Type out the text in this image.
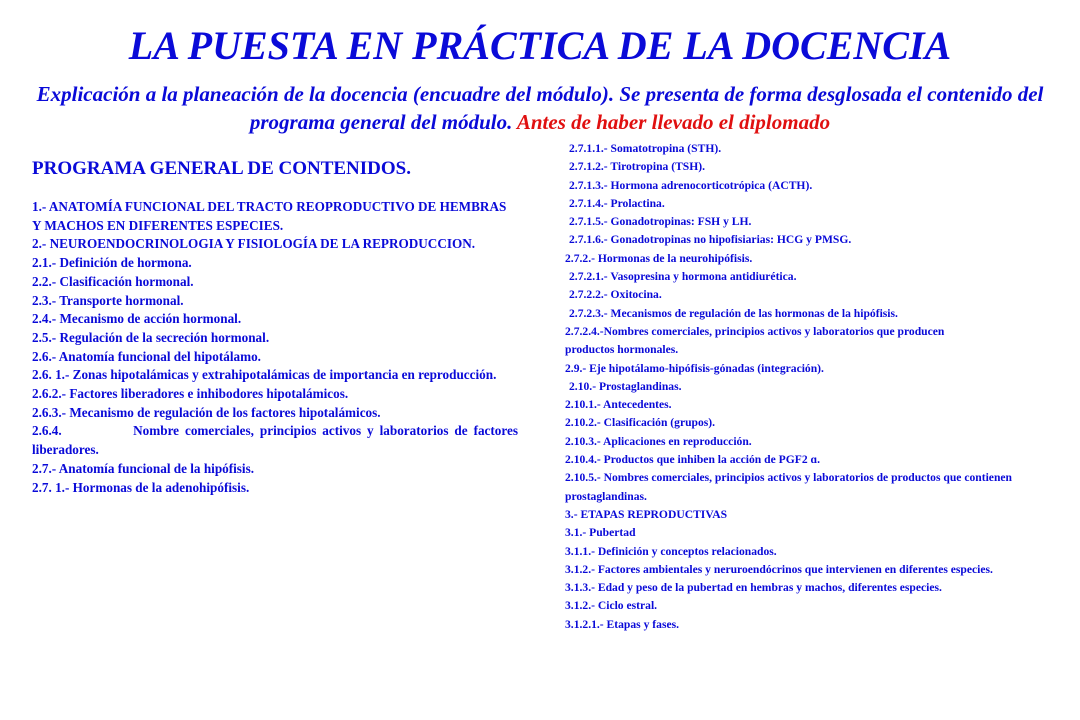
LA PUESTA EN PRÁCTICA DE LA DOCENCIA
Explicación a la planeación de la docencia (encuadre del módulo). Se presenta de forma desglosada el contenido del programa general del módulo. Antes de haber llevado el diplomado
PROGRAMA GENERAL DE CONTENIDOS.
1.- ANATOMÍA FUNCIONAL DEL TRACTO REOPRODUCTIVO DE HEMBRAS Y MACHOS EN DIFERENTES ESPECIES.
2.- NEUROENDOCRINOLOGIA Y FISIOLOGÍA DE LA REPRODUCCION.
2.1.- Definición de hormona.
2.2.- Clasificación hormonal.
2.3.- Transporte hormonal.
2.4.- Mecanismo de acción hormonal.
2.5.- Regulación de la secreción hormonal.
2.6.- Anatomía funcional del hipotálamo.
2.6. 1.- Zonas hipotalámicas y extrahipotalámicas de importancia en reproducción.
2.6.2.- Factores liberadores e inhibodores hipotalámicos.
2.6.3.- Mecanismo de regulación de los factores hipotalámicos.
2.6.4.            Nombre comerciales, principios activos y laboratorios de factores liberadores.
2.7.- Anatomía funcional de la hipófisis.
2.7. 1.- Hormonas de la adenohipófisis.
2.7.1.1.- Somatotropina (STH).
2.7.1.2.- Tirotropina (TSH).
2.7.1.3.- Hormona adrenocorticotrópica (ACTH).
2.7.1.4.- Prolactina.
2.7.1.5.- Gonadotropinas: FSH y LH.
2.7.1.6.- Gonadotropinas no hipofisiarias: HCG y PMSG.
2.7.2.- Hormonas de la neurohipófisis.
2.7.2.1.- Vasopresina y hormona antidiurética.
2.7.2.2.- Oxitocina.
2.7.2.3.- Mecanismos de regulación de las hormonas de la hipófisis.
2.7.2.4.-Nombres comerciales, principios activos y laboratorios que producen
productos hormonales.
2.9.- Eje hipotálamo-hipófisis-gónadas (integración).
2.10.- Prostaglandinas.
2.10.1.- Antecedentes.
2.10.2.- Clasificación (grupos).
2.10.3.- Aplicaciones en reproducción.
2.10.4.- Productos que inhiben la acción de PGF2 ɑ.
2.10.5.- Nombres comerciales, principios activos y laboratorios de productos que contienen prostaglandinas.
3.- ETAPAS REPRODUCTIVAS
3.1.- Pubertad
3.1.1.- Definición y conceptos relacionados.
3.1.2.- Factores ambientales y neruroendócrinos que intervienen en diferentes especies.
3.1.3.- Edad y peso de la pubertad en hembras y machos, diferentes especies.
3.1.2.- Ciclo estral.
3.1.2.1.- Etapas y fases.
